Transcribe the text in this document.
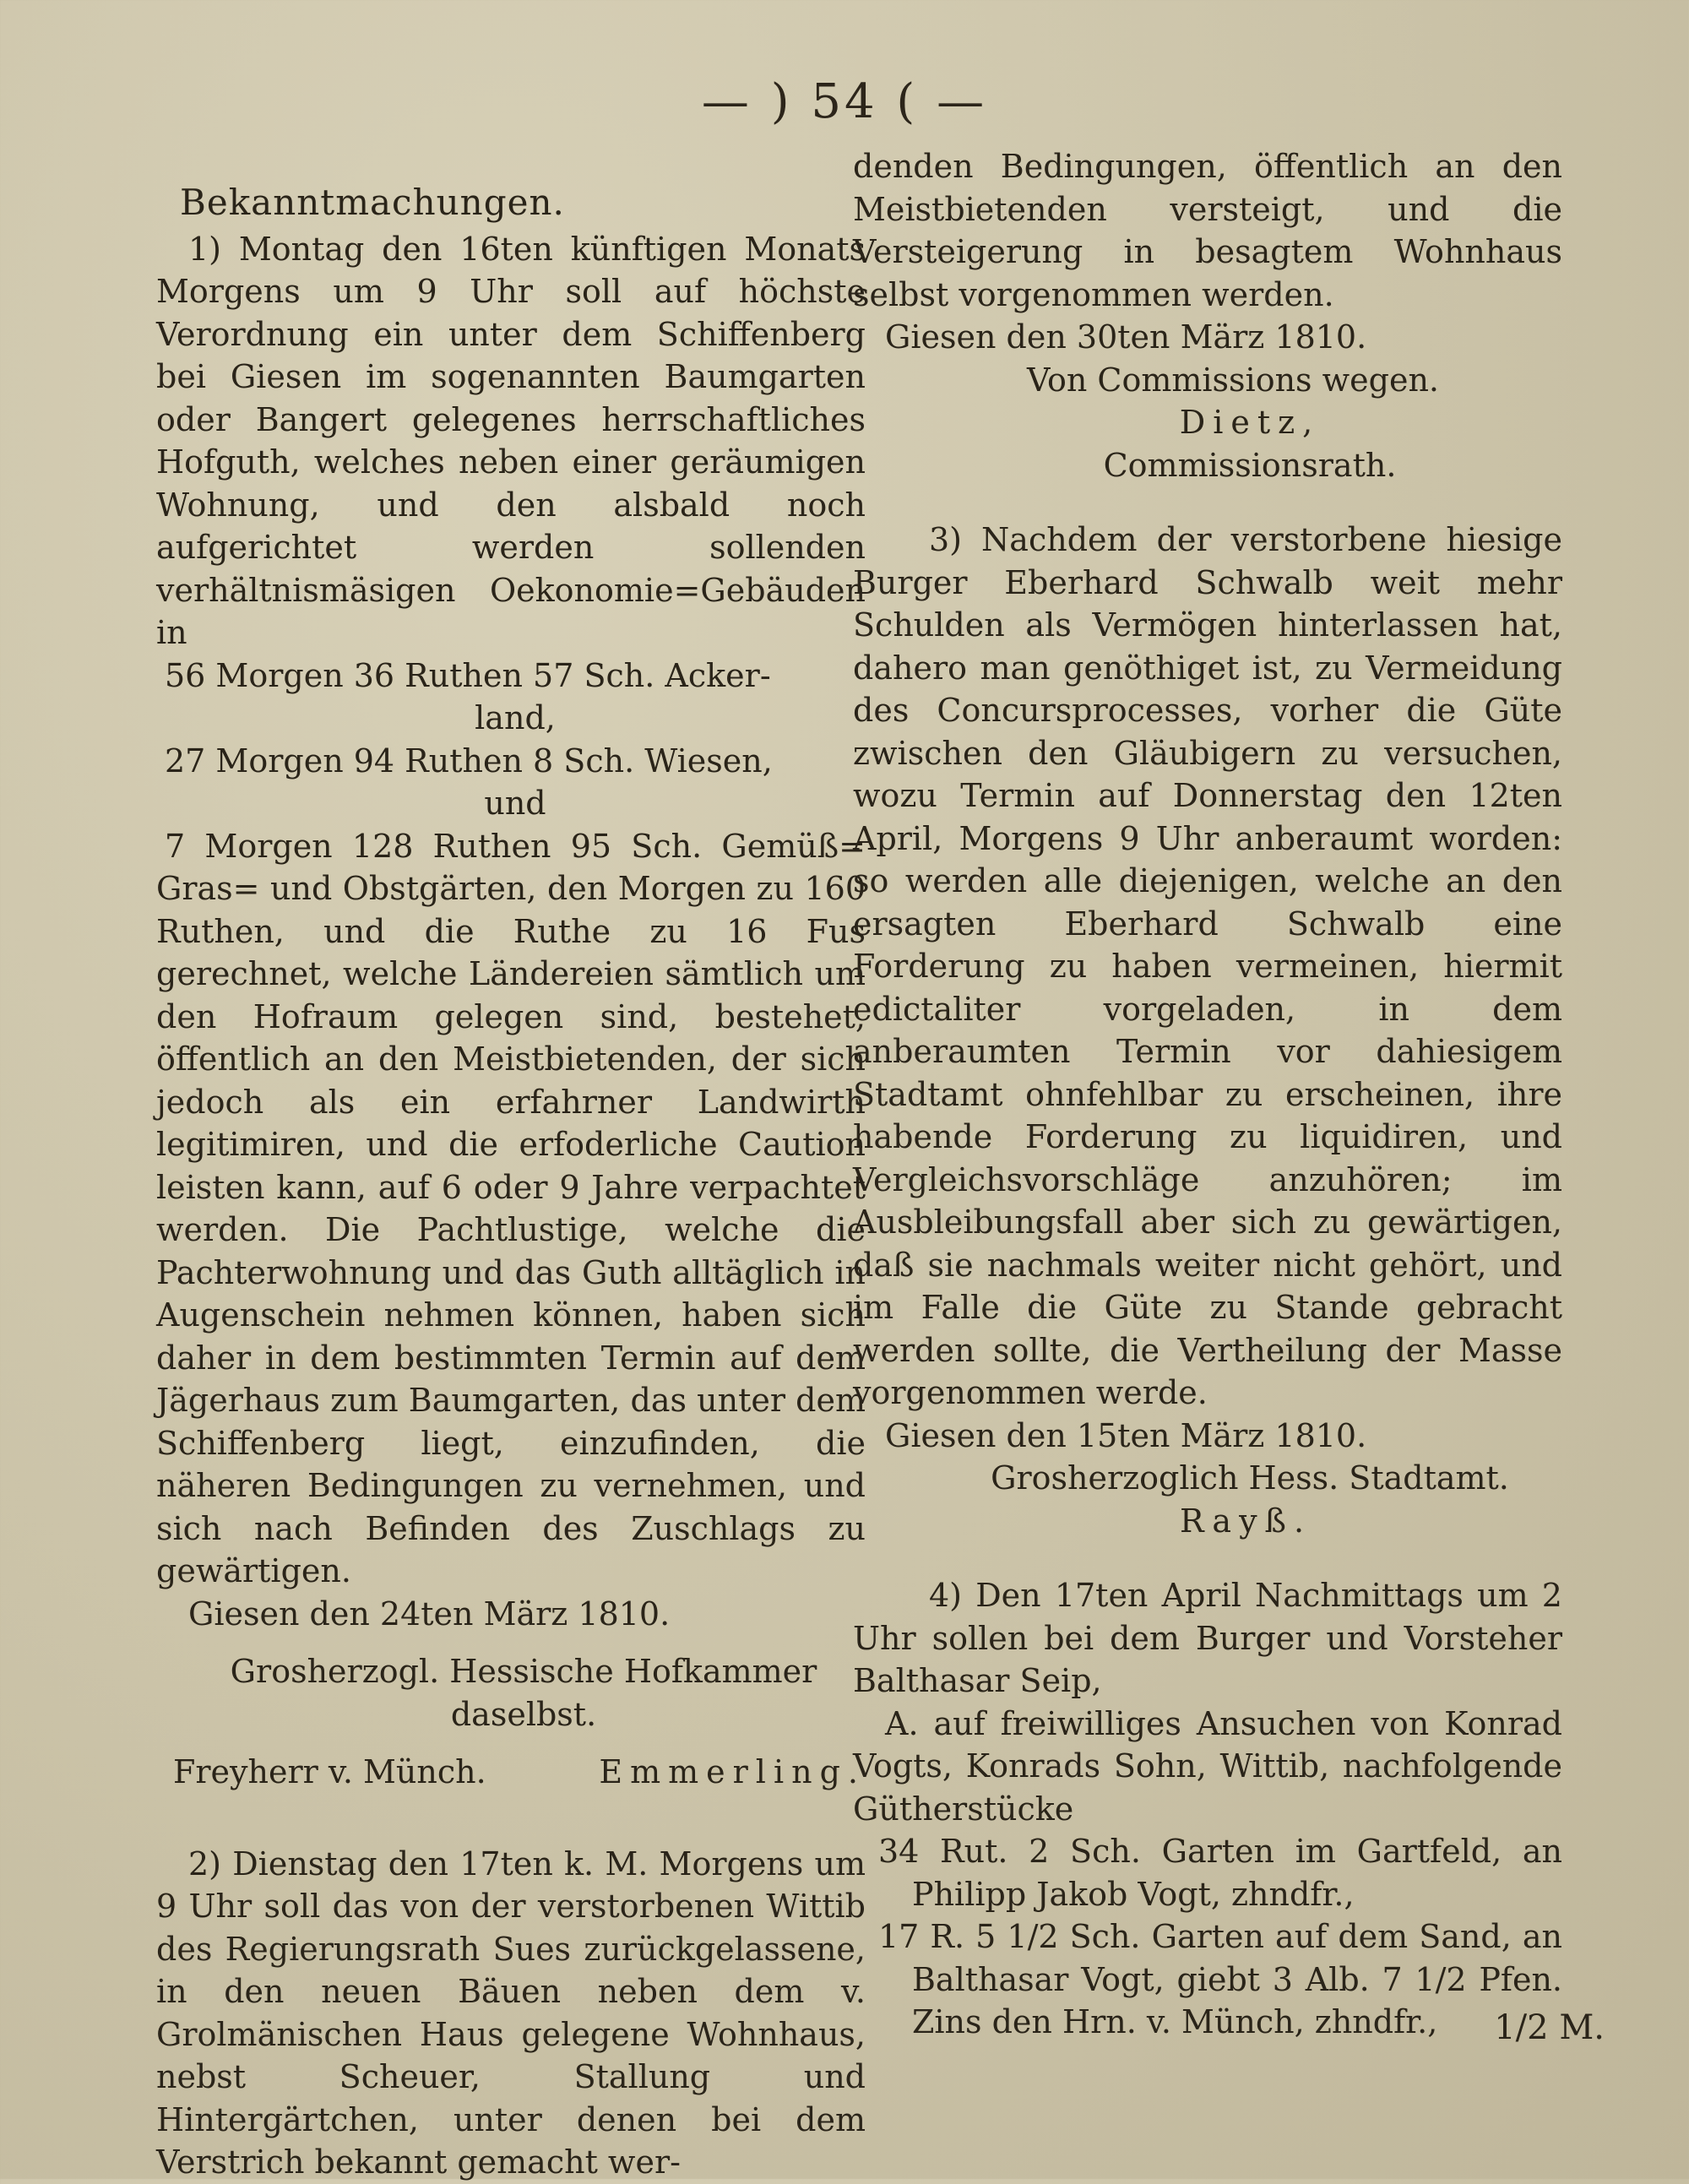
— ) 54 ( —

Bekanntmachungen.

1) Montag den 16ten künftigen Monats Morgens um 9 Uhr soll auf höchste Verordnung ein unter dem Schiffenberg bei Giesen im sogenannten Baumgarten oder Bangert gelegenes herrschaftliches Hofguth, welches neben einer geräumigen Wohnung, und den alsbald noch aufgerichtet werden sollenden verhältnismäsigen Oekonomie=Gebäuden in

56 Morgen 36 Ruthen 57 Sch. Acker-
land,
27 Morgen 94 Ruthen 8 Sch. Wiesen,
und

7 Morgen 128 Ruthen 95 Sch. Gemüß= Gras= und Obstgärten, den Morgen zu 160 Ruthen, und die Ruthe zu 16 Fus gerechnet, welche Ländereien sämtlich um den Hofraum gelegen sind, bestehet, öffentlich an den Meistbietenden, der sich jedoch als ein erfahrner Landwirth legitimiren, und die erfoderliche Caution leisten kann, auf 6 oder 9 Jahre verpachtet werden. Die Pachtlustige, welche die Pachterwohnung und das Guth alltäglich in Augenschein nehmen können, haben sich daher in dem bestimmten Termin auf dem Jägerhaus zum Baumgarten, das unter dem Schiffenberg liegt, einzufinden, die näheren Bedingungen zu vernehmen, und sich nach Befinden des Zuschlags zu gewärtigen.

Giesen den 24ten März 1810.

Grosherzogl. Hessische Hofkammer daselbst.

Freyherr v. Münch.	Emmerling.

2) Dienstag den 17ten k. M. Morgens um 9 Uhr soll das von der verstorbenen Wittib des Regierungsrath Sues zurückgelassene, in den neuen Bäuen neben dem v. Grolmänischen Haus gelegene Wohnhaus, nebst Scheuer, Stallung und Hintergärtchen, unter denen bei dem Verstrich bekannt gemacht wer-

denden Bedingungen, öffentlich an den Meistbietenden versteigt, und die Versteigerung in besagtem Wohnhaus selbst vorgenommen werden.

Giesen den 30ten März 1810.

Von Commissions wegen.

Dietz,

Commissionsrath.

3) Nachdem der verstorbene hiesige Burger Eberhard Schwalb weit mehr Schulden als Vermögen hinterlassen hat, dahero man genöthiget ist, zu Vermeidung des Concursprocesses, vorher die Güte zwischen den Gläubigern zu versuchen, wozu Termin auf Donnerstag den 12ten April, Morgens 9 Uhr anberaumt worden: so werden alle diejenigen, welche an den ersagten Eberhard Schwalb eine Forderung zu haben vermeinen, hiermit edictaliter vorgeladen, in dem anberaumten Termin vor dahiesigem Stadtamt ohnfehlbar zu erscheinen, ihre habende Forderung zu liquidiren, und Vergleichsvorschläge anzuhören; im Ausbleibungsfall aber sich zu gewärtigen, daß sie nachmals weiter nicht gehört, und im Falle die Güte zu Stande gebracht werden sollte, die Vertheilung der Masse vorgenommen werde.

Giesen den 15ten März 1810.

Grosherzoglich Hess. Stadtamt.

Rayß.

4) Den 17ten April Nachmittags um 2 Uhr sollen bei dem Burger und Vorsteher Balthasar Seip,

A. auf freiwilliges Ansuchen von Konrad Vogts, Konrads Sohn, Wittib, nachfolgende Gütherstücke

34 Rut. 2 Sch. Garten im Gartfeld, an Philipp Jakob Vogt, zhndfr.,

17 R. 5 1/2 Sch. Garten auf dem Sand, an Balthasar Vogt, giebt 3 Alb. 7 1/2 Pfen. Zins den Hrn. v. Münch, zhndfr.,	1/2 M.
